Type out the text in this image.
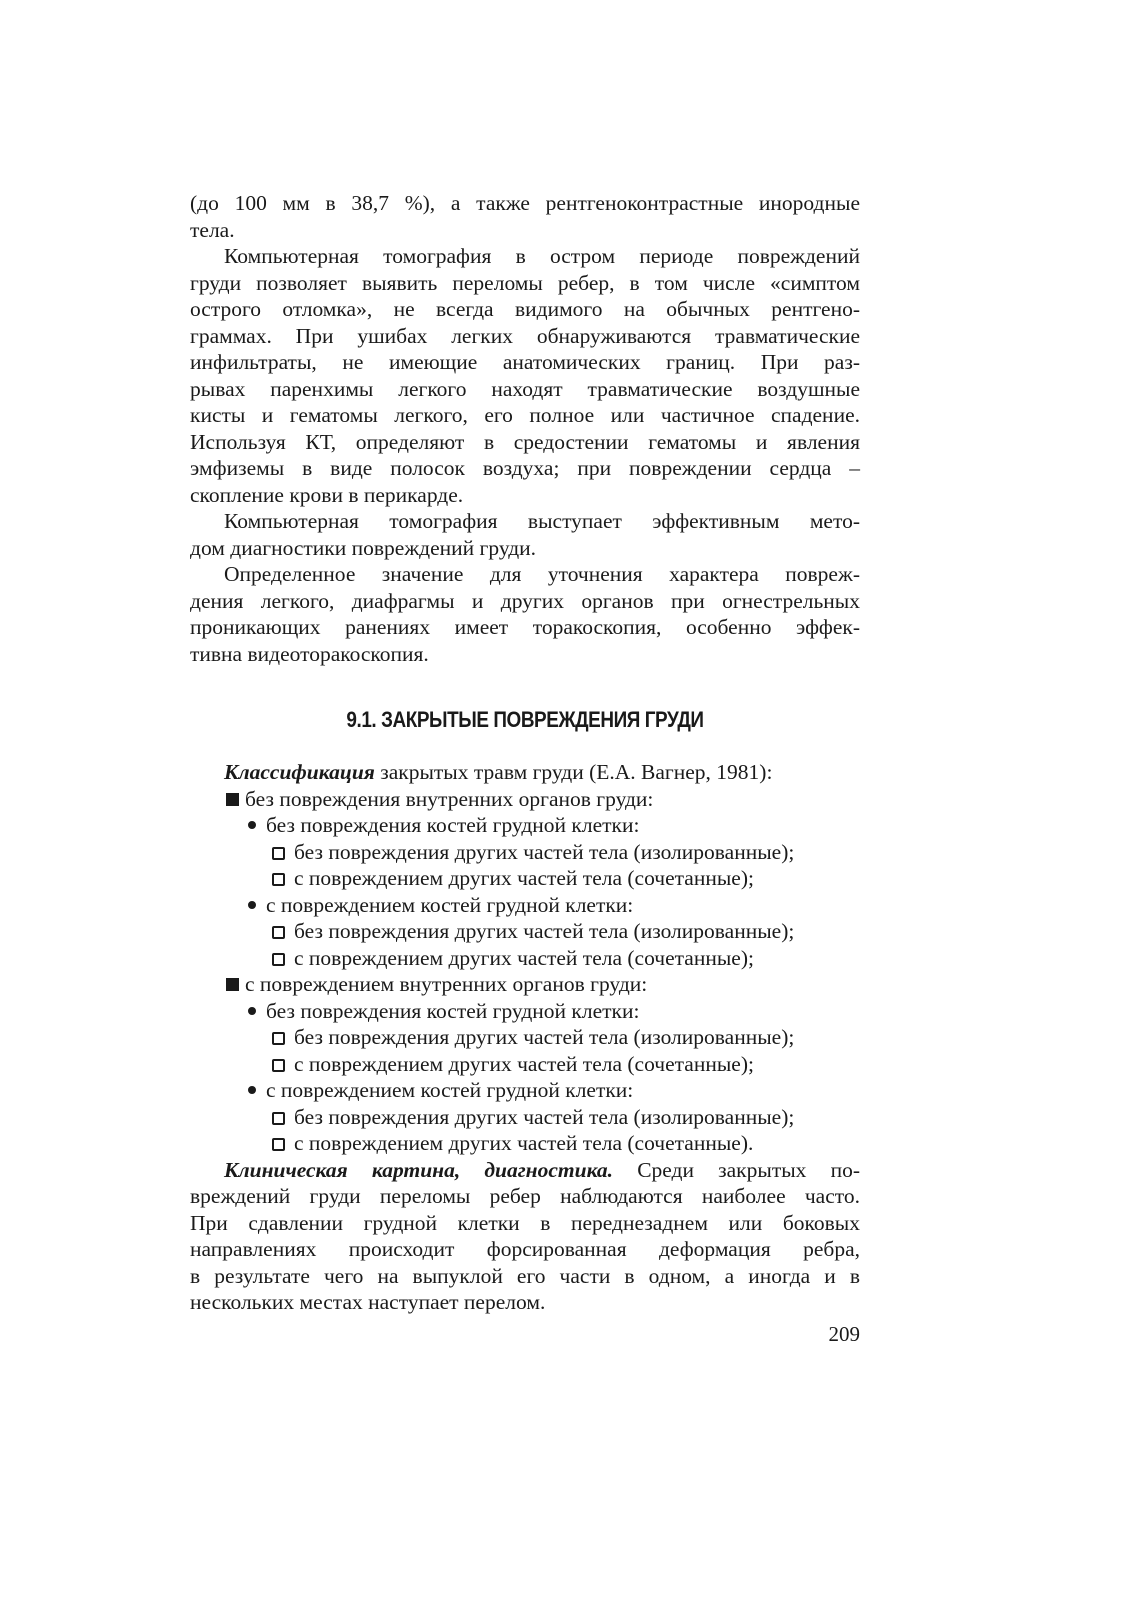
(до 100 мм в 38,7 %), а также рентгеноконтрастные инородные
тела.
Компьютерная томография в остром периоде повреждений
груди позволяет выявить переломы ребер, в том числе «симптом
острого отломка», не всегда видимого на обычных рентгено-
граммах. При ушибах легких обнаруживаются травматические
инфильтраты, не имеющие анатомических границ. При раз-
рывах паренхимы легкого находят травматические воздушные
кисты и гематомы легкого, его полное или частичное спадение.
Используя КТ, определяют в средостении гематомы и явления
эмфиземы в виде полосок воздуха; при повреждении сердца –
скопление крови в перикарде.
Компьютерная томография выступает эффективным мето-
дом диагностики повреждений груди.
Определенное значение для уточнения характера повреж-
дения легкого, диафрагмы и других органов при огнестрельных
проникающих ранениях имеет торакоскопия, особенно эффек-
тивна видеоторакоскопия.
9.1. ЗАКРЫТЫЕ ПОВРЕЖДЕНИЯ ГРУДИ
Классификация закрытых травм груди (Е.А. Вагнер, 1981):
без повреждения внутренних органов груди:
без повреждения костей грудной клетки:
без повреждения других частей тела (изолированные);
с повреждением других частей тела (сочетанные);
с повреждением костей грудной клетки:
без повреждения других частей тела (изолированные);
с повреждением других частей тела (сочетанные);
с повреждением внутренних органов груди:
без повреждения костей грудной клетки:
без повреждения других частей тела (изолированные);
с повреждением других частей тела (сочетанные);
с повреждением костей грудной клетки:
без повреждения других частей тела (изолированные);
с повреждением других частей тела (сочетанные).
Клиническая картина, диагностика. Среди закрытых по-
вреждений груди переломы ребер наблюдаются наиболее часто.
При сдавлении грудной клетки в переднезаднем или боковых
направлениях происходит форсированная деформация ребра,
в результате чего на выпуклой его части в одном, а иногда и в
нескольких местах наступает перелом.
209
